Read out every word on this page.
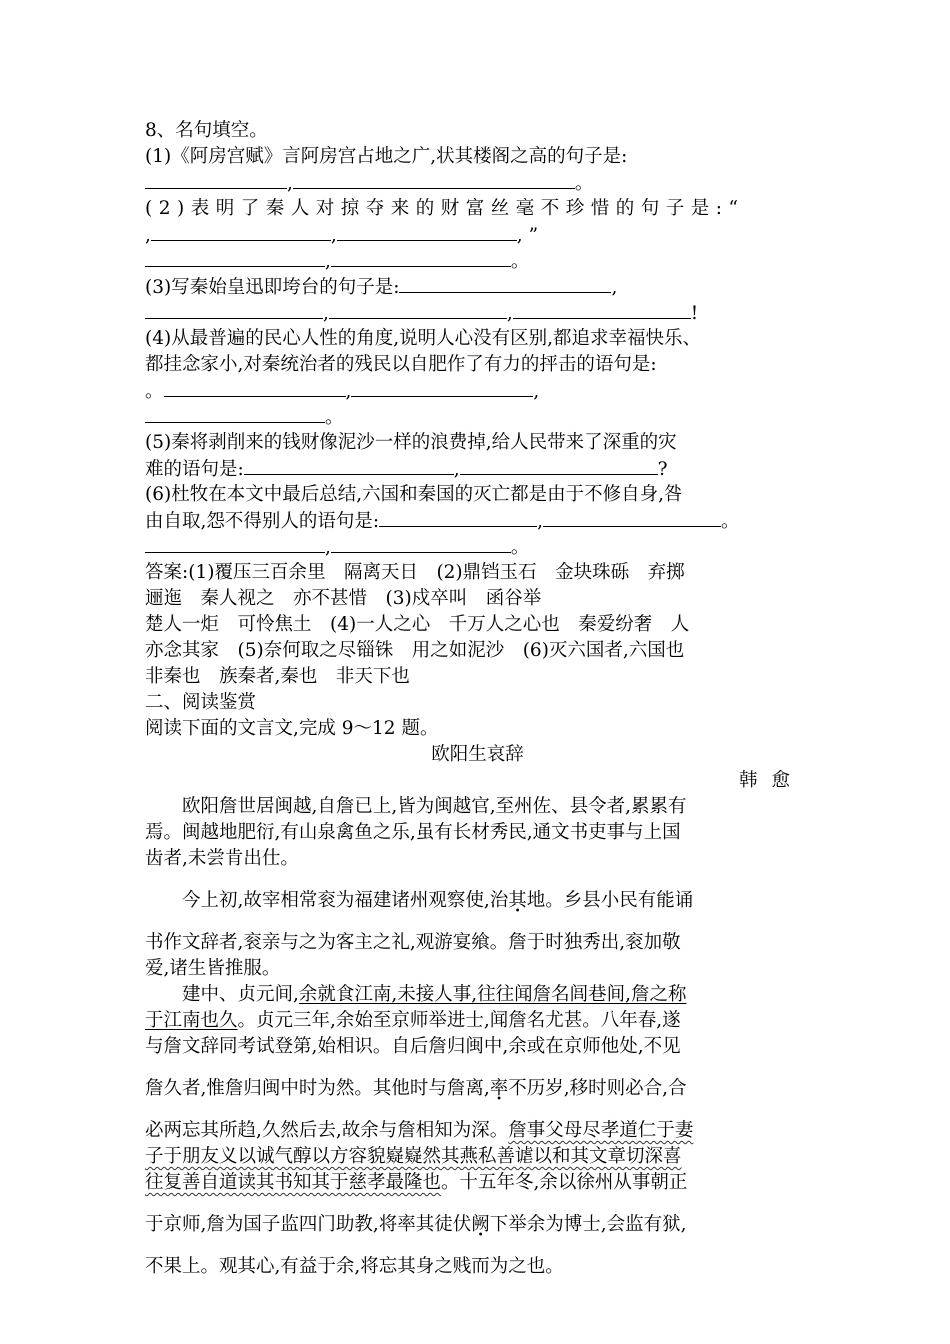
8、名句填空。
(1)《阿房宫赋》言阿房宫占地之广,状其楼阁之高的句子是:
,	。
(2)表明了秦人对掠夺来的财富丝毫不珍惜的句子是:“
,	,	, ”
,	。
(3)写秦始皇迅即垮台的句子是:	,
,	,	!
(4)从最普遍的民心人性的角度,说明人心没有区别,都追求幸福快乐、
都挂念家小,对秦统治者的残民以自肥作了有力的抨击的语句是:
。	,	,
。
(5)秦将剥削来的钱财像泥沙一样的浪费掉,给人民带来了深重的灾
难的语句是:	,	?
(6)杜牧在本文中最后总结,六国和秦国的灭亡都是由于不修自身,咎
由自取,怨不得别人的语句是:	,	。
,	。
答案:(1)覆压三百余里　隔离天日　(2)鼎铛玉石　金块珠砾　弃掷
逦迤　秦人视之　亦不甚惜　(3)戍卒叫　函谷举
楚人一炬　可怜焦土　(4)一人之心　千万人之心也　秦爱纷奢　人
亦念其家　(5)奈何取之尽锱铢　用之如泥沙　(6)灭六国者,六国也
非秦也　族秦者,秦也　非天下也
二、阅读鉴赏
阅读下面的文言文,完成 9～12 题。
欧阳生哀辞
韩愈
欧阳詹世居闽越,自詹已上,皆为闽越官,至州佐、县令者,累累有
焉。闽越地肥衍,有山泉禽鱼之乐,虽有长材秀民,通文书吏事与上国
齿者,未尝肯出仕。
今上初,故宰相常衮为福建诸州观察使,治其地。乡县小民有能诵
书作文辞者,衮亲与之为客主之礼,观游宴飨。詹于时独秀出,衮加敬
爱,诸生皆推服。
建中、贞元间,余就食江南,未接人事,往往闻詹名闾巷间,詹之称
于江南也久。贞元三年,余始至京师举进士,闻詹名尤甚。八年春,遂
与詹文辞同考试登第,始相识。自后詹归闽中,余或在京师他处,不见
詹久者,惟詹归闽中时为然。其他时与詹离,率不历岁,移时则必合,合
必两忘其所趋,久然后去,故余与詹相知为深。詹事父母尽孝道仁于妻
子于朋友义以诚气醇以方容貌嶷嶷然其燕私善谑以和其文章切深喜
往复善自道读其书知其于慈孝最隆也。十五年冬,余以徐州从事朝正
于京师,詹为国子监四门助教,将率其徒伏阙下举余为博士,会监有狱,
不果上。观其心,有益于余,将忘其身之贱而为之也。
